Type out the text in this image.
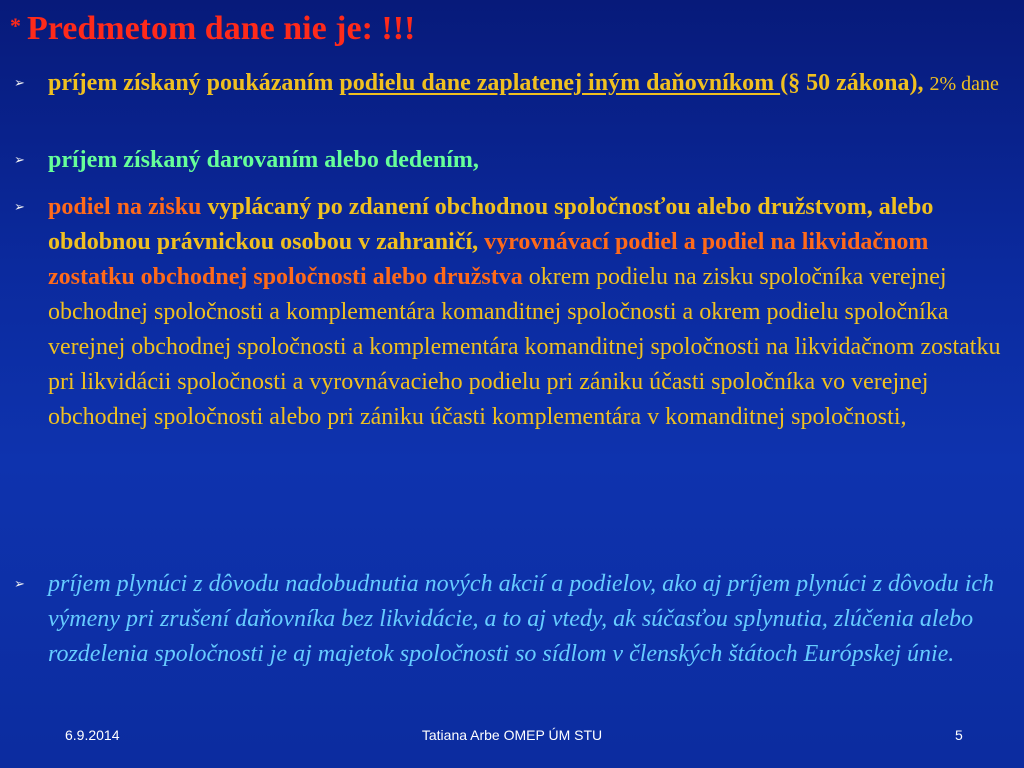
* Predmetom dane nie je: !!!
➢ príjem získaný poukázaním podielu dane zaplatenej iným daňovníkom (§ 50 zákona), 2% dane
➢ príjem získaný darovaním alebo dedením,
➢ podiel na zisku vyplácaný po zdanení obchodnou spoločnosťou alebo družstvom, alebo obdobnou právnickou osobou v zahraničí, vyrovnávací podiel a podiel na likvidačnom zostatku obchodnej spoločnosti alebo družstva okrem podielu na zisku spoločníka verejnej obchodnej spoločnosti a komplementára komanditnej spoločnosti a okrem podielu spoločníka verejnej obchodnej spoločnosti a komplementára komanditnej spoločnosti na likvidačnom zostatku pri likvidácii spoločnosti a vyrovnávacieho podielu pri zániku účasti spoločníka vo verejnej obchodnej spoločnosti alebo pri zániku účasti komplementára v komanditnej spoločnosti,
➢ príjem plynúci z dôvodu nadobudnutia nových akcií a podielov, ako aj príjem plynúci z dôvodu ich výmeny pri zrušení daňovníka bez likvidácie, a to aj vtedy, ak súčasťou splynutia, zlúčenia alebo rozdelenia spoločnosti je aj majetok spoločnosti so sídlom v členských štátoch Európskej únie.
6.9.2014	Tatiana Arbe OMEP ÚM STU	5
